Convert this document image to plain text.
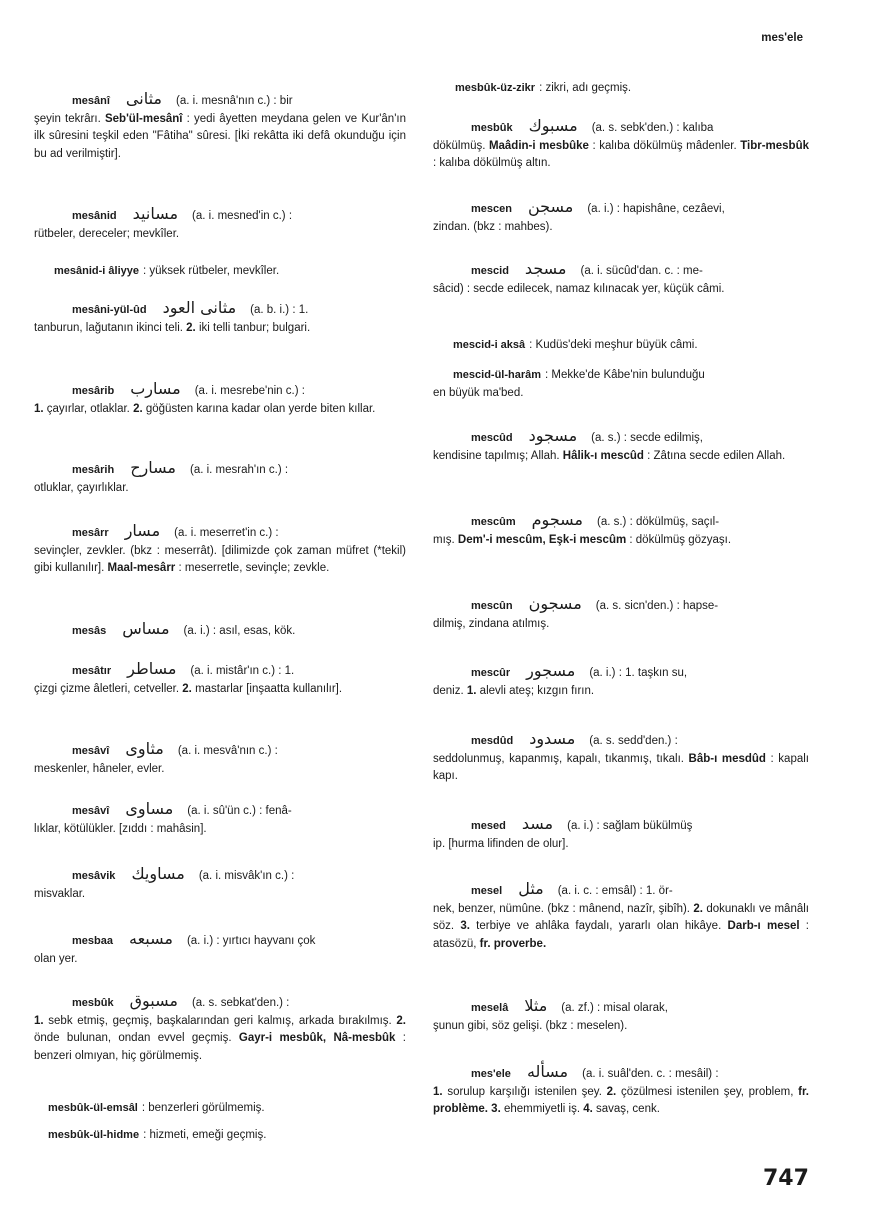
mes'ele
mesânî مثانی (a. i. mesnâ'nın c.) : bir
şeyin tekrârı. Seb'ül-mesânî : yedi âyetten meydana gelen ve Kur'ân'ın ilk sûresini teşkil eden "Fâtiha" sûresi. [İki rekâtta iki defâ okunduğu için bu ad verilmiştir].
mesânid مسانید (a. i. mesned'in c.) :
rütbeler, dereceler; mevkîler.
mesânid-i âliyye : yüksek rütbeler, mevkîler.
mesâni-yül-ûd مثانی العود (a. b. i.) : 1.
tanburun, lağutanın ikinci teli. 2. iki telli tanbur; bulgari.
mesârib مسارب (a. i. mesrebe'nin c.) :
1. çayırlar, otlaklar. 2. göğüsten karına kadar olan yerde biten kıllar.
mesârih مسارح (a. i. mesrah'ın c.) :
otluklar, çayırlıklar.
mesârr مسار (a. i. meserret'in c.) :
sevinçler, zevkler. (bkz : meserrât). [dilimizde çok zaman müfret (*tekil) gibi kullanılır]. Maal-mesârr : meserretle, sevinçle; zevkle.
mesâs مساس (a. i.) : asıl, esas, kök.
mesâtır مساطر (a. i. mistâr'ın c.) : 1.
çizgi çizme âletleri, cetveller. 2. mastarlar [inşaatta kullanılır].
mesâvî مثاوی (a. i. mesvâ'nın c.) :
meskenler, hâneler, evler.
mesâvî مساوی (a. i. sû'ün c.) : fenâ-
lıklar, kötülükler. [zıddı : mahâsin].
mesâvik مساویك (a. i. misvâk'ın c.) :
misvaklar.
mesbaa مسبعه (a. i.) : yırtıcı hayvanı çok
olan yer.
mesbûk مسبوق (a. s. sebkat'den.) :
1. sebk etmiş, geçmiş, başkalarından geri kalmış, arkada bırakılmış. 2. önde bulunan, ondan evvel geçmiş. Gayr-i mesbûk, Nâ-mesbûk : benzeri olmıyan, hiç görülmemiş.
mesbûk-ül-emsâl : benzerleri görülmemiş.
mesbûk-ül-hidme : hizmeti, emeği geçmiş.
mesbûk-üz-zikr : zikri, adı geçmiş.
mesbûk مسبوك (a. s. sebk'den.) : kalıba
dökülmüş. Maâdin-i mesbûke : kalıba dökülmüş mâdenler. Tibr-mesbûk : kalıba dökülmüş altın.
mescen مسجن (a. i.) : hapishâne, cezâevi,
zindan. (bkz : mahbes).
mescid مسجد (a. i. sücûd'dan. c. : me-
sâcid) : secde edilecek, namaz kılınacak yer, küçük câmi.
mescid-i aksâ : Kudüs'deki meşhur büyük câmi.
mescid-ül-harâm : Mekke'de Kâbe'nin bulunduğu
en büyük ma'bed.
mescûd مسجود (a. s.) : secde edilmiş,
kendisine tapılmış; Allah. Hâlik-ı mescûd : Zâtına secde edilen Allah.
mescûm مسجوم (a. s.) : dökülmüş, saçıl-
mış. Dem'-i mescûm, Eşk-i mescûm : dökülmüş gözyaşı.
mescûn مسجون (a. s. sicn'den.) : hapse-
dilmiş, zindana atılmış.
mescûr مسجور (a. i.) : 1. taşkın su,
deniz. 1. alevli ateş; kızgın fırın.
mesdûd مسدود (a. s. sedd'den.) :
seddolunmuş, kapanmış, kapalı, tıkanmış, tıkalı. Bâb-ı mesdûd : kapalı kapı.
mesed مسد (a. i.) : sağlam bükülmüş
ip. [hurma lifinden de olur].
mesel مثل (a. i. c. : emsâl) : 1. ör-
nek, benzer, nümûne. (bkz : mânend, nazîr, şibîh). 2. dokunaklı ve mânâlı söz. 3. terbiye ve ahlâka faydalı, yararlı olan hikâye. Darb-ı mesel : atasözü, fr. proverbe.
meselâ مثلا (a. zf.) : misal olarak,
şunun gibi, söz gelişi. (bkz : meselen).
mes'ele مسأله (a. i. suâl'den. c. : mesâil) :
1. sorulup karşılığı istenilen şey. 2. çözülmesi istenilen şey, problem, fr. problème. 3. ehemmiyetli iş. 4. savaş, cenk.
747
